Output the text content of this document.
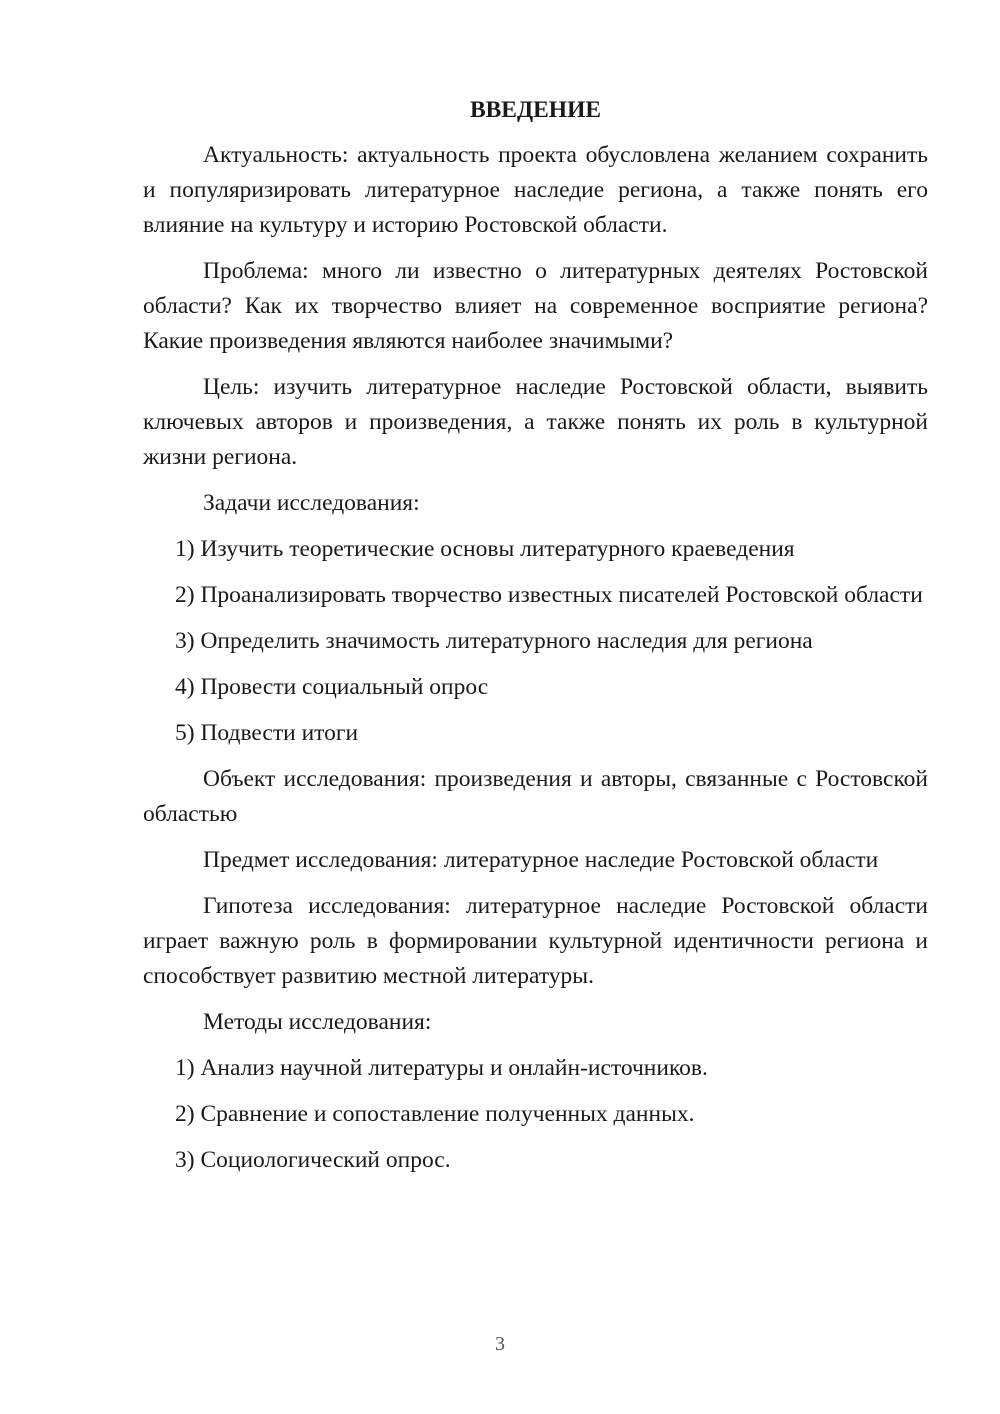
ВВЕДЕНИЕ

Актуальность: актуальность проекта обусловлена желанием сохранить и популяризировать литературное наследие региона, а также понять его влияние на культуру и историю Ростовской области.

Проблема: много ли известно о литературных деятелях Ростовской области? Как их творчество влияет на современное восприятие региона? Какие произведения являются наиболее значимыми?

Цель: изучить литературное наследие Ростовской области, выявить ключевых авторов и произведения, а также понять их роль в культурной жизни региона.

Задачи исследования:

1) Изучить теоретические основы литературного краеведения

2) Проанализировать творчество известных писателей Ростовской области

3) Определить значимость литературного наследия для региона

4) Провести социальный опрос

5) Подвести итоги

Объект исследования: произведения и авторы, связанные с Ростовской областью

Предмет исследования: литературное наследие Ростовской области

Гипотеза исследования: литературное наследие Ростовской области играет важную роль в формировании культурной идентичности региона и способствует развитию местной литературы.

Методы исследования:

1) Анализ научной литературы и онлайн-источников.

2) Сравнение и сопоставление полученных данных.

3) Социологический опрос.

3
